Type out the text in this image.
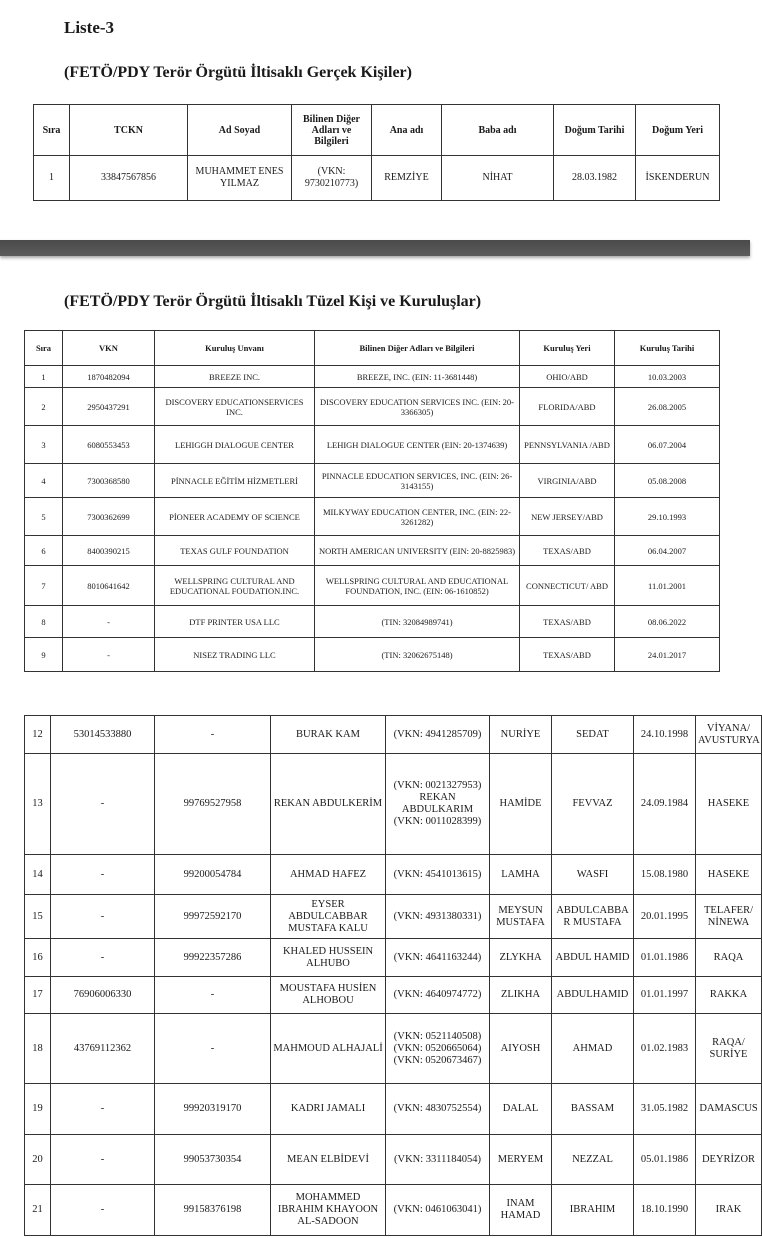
Liste-3
(FETÖ/PDY Terör Örgütü İltisaklı Gerçek Kişiler)
Sıra	TCKN	Ad Soyad	Bilinen Diğer Adları ve Bilgileri	Ana adı	Baba adı	Doğum Tarihi	Doğum Yeri
1	33847567856	MUHAMMET ENES YILMAZ	(VKN: 9730210773)	REMZİYE	NİHAT	28.03.1982	İSKENDERUN
(FETÖ/PDY Terör Örgütü İltisaklı Tüzel Kişi ve Kuruluşlar)
Sıra	VKN	Kuruluş Unvanı	Bilinen Diğer Adları ve Bilgileri	Kuruluş Yeri	Kuruluş Tarihi
1	1870482094	BREEZE INC.	BREEZE, INC. (EIN: 11-3681448)	OHIO/ABD	10.03.2003
2	2950437291	DISCOVERY EDUCATIONSERVICES INC.	DISCOVERY EDUCATION SERVICES INC. (EIN: 20-3366305)	FLORIDA/ABD	26.08.2005
3	6080553453	LEHIGGH DIALOGUE CENTER	LEHIGH DIALOGUE CENTER (EIN: 20-1374639)	PENNSYLVANIA /ABD	06.07.2004
4	7300368580	PİNNACLE EĞİTİM HİZMETLERİ	PINNACLE EDUCATION SERVICES, INC. (EIN: 26-3143155)	VIRGINIA/ABD	05.08.2008
5	7300362699	PİONEER ACADEMY OF SCIENCE	MILKYWAY EDUCATION CENTER, INC. (EIN: 22-3261282)	NEW JERSEY/ABD	29.10.1993
6	8400390215	TEXAS GULF FOUNDATION	NORTH AMERICAN UNIVERSITY (EIN: 20-8825983)	TEXAS/ABD	06.04.2007
7	8010641642	WELLSPRING CULTURAL AND EDUCATIONAL FOUDATION.INC.	WELLSPRING CULTURAL AND EDUCATIONAL FOUNDATION, INC. (EIN: 06-1610852)	CONNECTICUT/ ABD	11.01.2001
8	-	DTF PRINTER USA LLC	(TIN: 32084989741)	TEXAS/ABD	08.06.2022
9	-	NISEZ TRADING LLC	(TIN: 32062675148)	TEXAS/ABD	24.01.2017
12	53014533880	-	BURAK KAM	(VKN: 4941285709)	NURİYE	SEDAT	24.10.1998	VİYANA/ AVUSTURYA
13	-	99769527958	REKAN ABDULKERİM	(VKN: 0021327953) REKAN ABDULKARIM (VKN: 0011028399)	HAMİDE	FEVVAZ	24.09.1984	HASEKE
14	-	99200054784	AHMAD HAFEZ	(VKN: 4541013615)	LAMHA	WASFI	15.08.1980	HASEKE
15	-	99972592170	EYSER ABDULCABBAR MUSTAFA KALU	(VKN: 4931380331)	MEYSUN MUSTAFA	ABDULCABBA R MUSTAFA	20.01.1995	TELAFER/ NİNEWA
16	-	99922357286	KHALED HUSSEIN ALHUBO	(VKN: 4641163244)	ZLYKHA	ABDUL HAMID	01.01.1986	RAQA
17	76906006330	-	MOUSTAFA HUSİEN ALHOBOU	(VKN: 4640974772)	ZLIKHA	ABDULHAMID	01.01.1997	RAKKA
18	43769112362	-	MAHMOUD ALHAJALİ	(VKN: 0521140508) (VKN: 0520665064) (VKN: 0520673467)	AIYOSH	AHMAD	01.02.1983	RAQA/ SURİYE
19	-	99920319170	KADRI JAMALI	(VKN: 4830752554)	DALAL	BASSAM	31.05.1982	DAMASCUS
20	-	99053730354	MEAN ELBİDEVİ	(VKN: 3311184054)	MERYEM	NEZZAL	05.01.1986	DEYRİZOR
21	-	99158376198	MOHAMMED IBRAHIM KHAYOON AL-SADOON	(VKN: 0461063041)	INAM HAMAD	IBRAHIM	18.10.1990	IRAK
